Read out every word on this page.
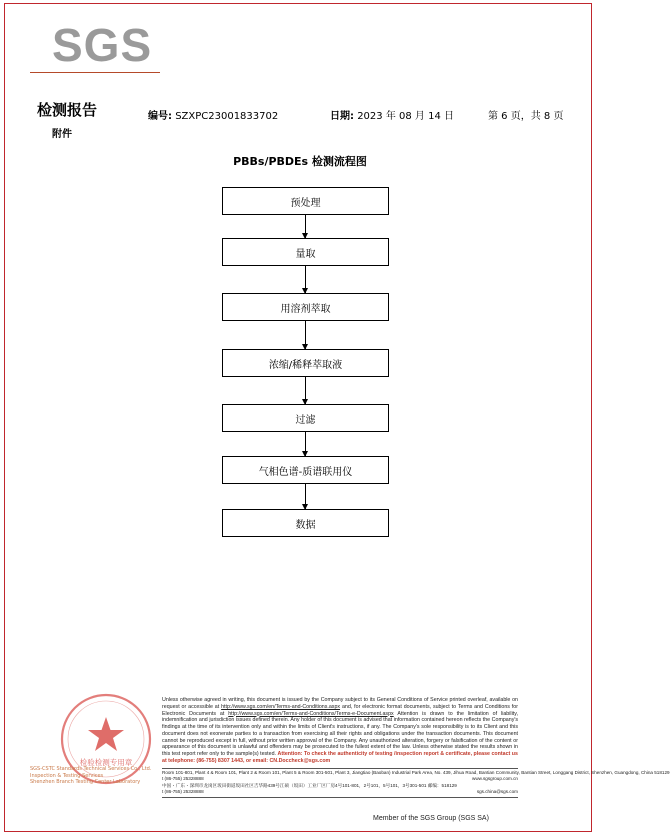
SGS
检测报告
附件
编号: SZXPC23001833702	日期: 2023 年 08 月 14 日	第 6 页，共 8 页
PBBs/PBDEs 检测流程图
预处理
量取
用溶剂萃取
浓缩/稀释萃取液
过滤
气相色谱-质谱联用仪
数据
检验检测专用章
SGS-CSTC Standards Technical Services Co., Ltd.
Inspection & Testing Services
Shenzhen Branch Testing Center Laboratory
Unless otherwise agreed in writing, this document is issued by the Company subject to its General Conditions of Service printed overleaf, available on request or accessible at http://www.sgs.com/en/Terms-and-Conditions.aspx and, for electronic format documents, subject to Terms and Conditions for Electronic Documents at http://www.sgs.com/en/Terms-and-Conditions/Terms-e-Document.aspx Attention is drawn to the limitation of liability, indemnification and jurisdiction issues defined therein. Any holder of this document is advised that information contained hereon reflects the Company's findings at the time of its intervention only and within the limits of Client's instructions, if any. The Company's sole responsibility is to its Client and this document does not exonerate parties to a transaction from exercising all their rights and obligations under the transaction documents. This document cannot be reproduced except in full, without prior written approval of the Company. Any unauthorized alteration, forgery or falsification of the content or appearance of this document is unlawful and offenders may be prosecuted to the fullest extent of the law. Unless otherwise stated the results shown in this test report refer only to the sample(s) tested. Attention: To check the authenticity of testing /inspection report & certificate, please contact us at telephone: (86-755) 8307 1443, or email: CN.Doccheck@sgs.com
Room 101-801, Plant 4 & Room 101, Plant 2 & Room 101, Plant 5 & Room 301-501, Plant 3, Jiangtiao (Baoban) Industrial Park Area, No. 439, Jihua Road, Bantian Community, Bantian Street, Longgang District, Shenzhen, Guangdong, China 518129
t (86-755) 25328888	www.sgsgroup.com.cn
中国・广东・深圳市龙岗区坂田街道坂田社区吉华路439号江硕（坂田）工业厂区厂房4号101-801，2号101，5号101，3号301-501 邮编：518129
t (86-755) 25328888	sgs.china@sgs.com
Member of the SGS Group (SGS SA)
